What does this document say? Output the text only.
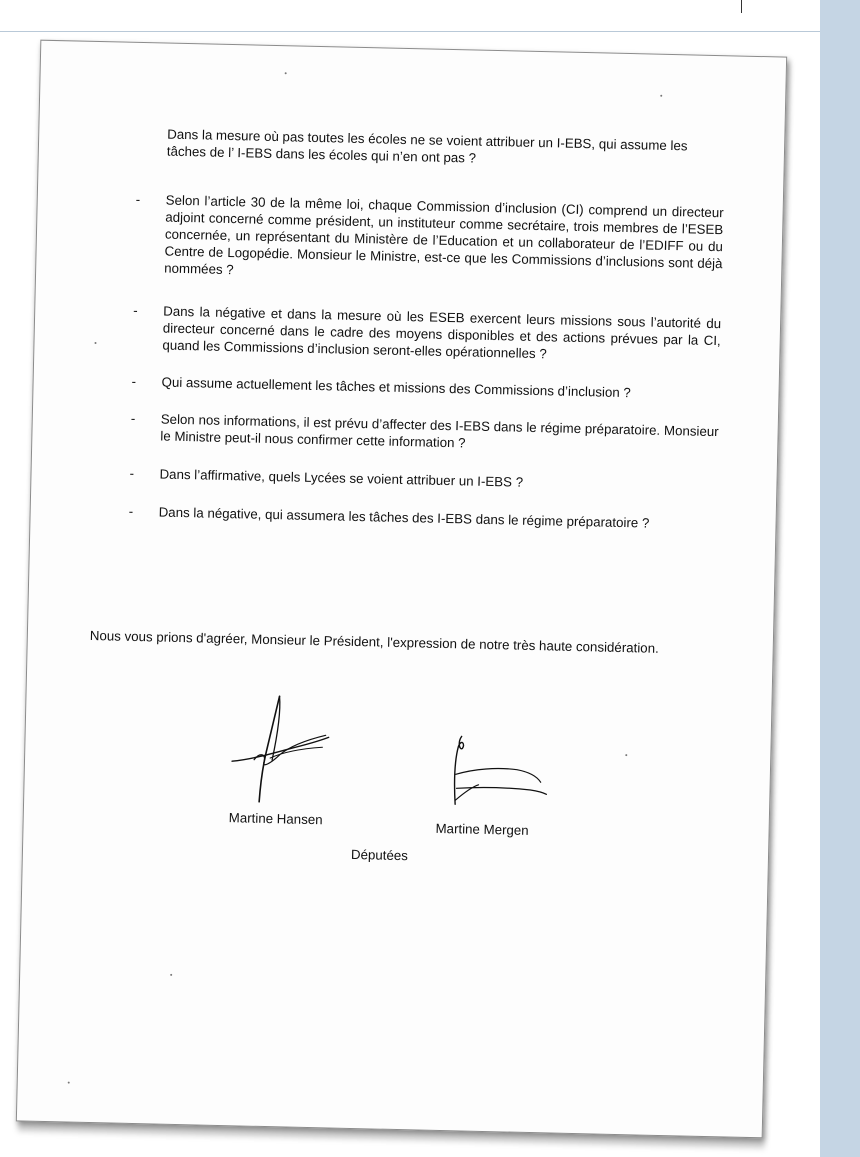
Dans la mesure où pas toutes les écoles ne se voient attribuer un I-EBS, qui assume les tâches de l’ I-EBS dans les écoles qui n’en ont pas ?

- Selon l’article 30 de la même loi, chaque Commission d’inclusion (CI) comprend un directeur adjoint concerné comme président, un instituteur comme secrétaire, trois membres de l’ESEB concernée, un représentant du Ministère de l’Education et un collaborateur de l’EDIFF ou du Centre de Logopédie. Monsieur le Ministre, est-ce que les Commissions d’inclusions sont déjà nommées ?
- Dans la négative et dans la mesure où les ESEB exercent leurs missions sous l’autorité du directeur concerné dans le cadre des moyens disponibles et des actions prévues par la CI, quand les Commissions d’inclusion seront-elles opérationnelles ?
- Qui assume actuellement les tâches et missions des Commissions d’inclusion ?
- Selon nos informations, il est prévu d’affecter des I-EBS dans le régime préparatoire. Monsieur le Ministre peut-il nous confirmer cette information ?
- Dans l’affirmative, quels Lycées se voient attribuer un I-EBS ?
- Dans la négative, qui assumera les tâches des I-EBS dans le régime préparatoire ?

Nous vous prions d'agréer, Monsieur le Président, l'expression de notre très haute considération.

Martine Hansen
Martine Mergen
Députées
